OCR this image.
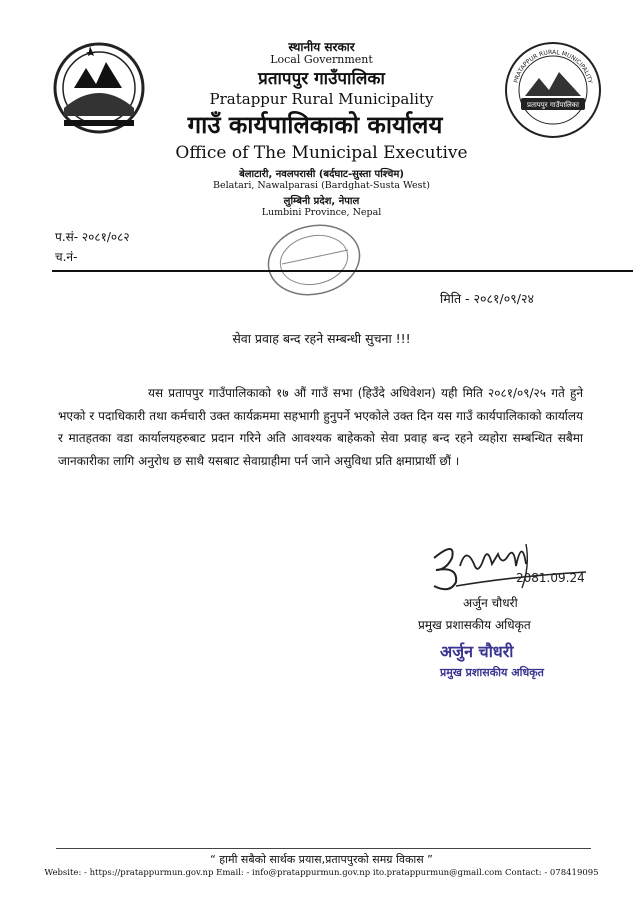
प्रतापपुर गाउँपालिका
PRATAPPUR RURAL MUNICIPALITY
स्थानीय सरकार
Local Government
प्रतापपुर गाउँपालिका
Pratappur Rural Municipality
गाउँ कार्यपालिकाको कार्यालय
Office of The Municipal Executive
बेलाटारी, नवलपरासी (बर्दघाट-सुस्ता पश्चिम)
Belatari, Nawalparasi (Bardghat-Susta West)
लुम्बिनी प्रदेश, नेपाल
Lumbini Province, Nepal
प.सं- २०८१/०८२
च.नं-
मिति - २०८१/०९/२४
सेवा प्रवाह बन्द रहने सम्बन्धी सुचना !!!
यस प्रतापपुर गाउँपालिकाको १७ औं गाउँ सभा (हिउँदे अधिवेशन) यही मिति २०८१/०९/२५ गते हुने भएको र पदाधिकारी तथा कर्मचारी उक्त कार्यक्रममा सहभागी हुनुपर्ने भएकोले उक्त दिन यस गाउँ कार्यपालिकाको कार्यालय र मातहतका वडा कार्यालयहरुबाट प्रदान गरिने अति आवश्यक बाहेकको सेवा प्रवाह बन्द रहने व्यहोरा सम्बन्धित सबैमा जानकारीका लागि अनुरोध छ साथै यसबाट सेवाग्राहीमा पर्न जाने असुविधा प्रति क्षमाप्रार्थी छौं ।
2081.09.24
अर्जुन चौधरी
प्रमुख प्रशासकीय अधिकृत
अर्जुन चौधरी
प्रमुख प्रशासकीय अधिकृत
“ हामी सबैको सार्थक प्रयास,प्रतापपुरको समग्र विकास ”
Website: - https://pratappurmun.gov.np Email: - info@pratappurmun.gov.np ito.pratappurmun@gmail.com Contact: - 078419095
